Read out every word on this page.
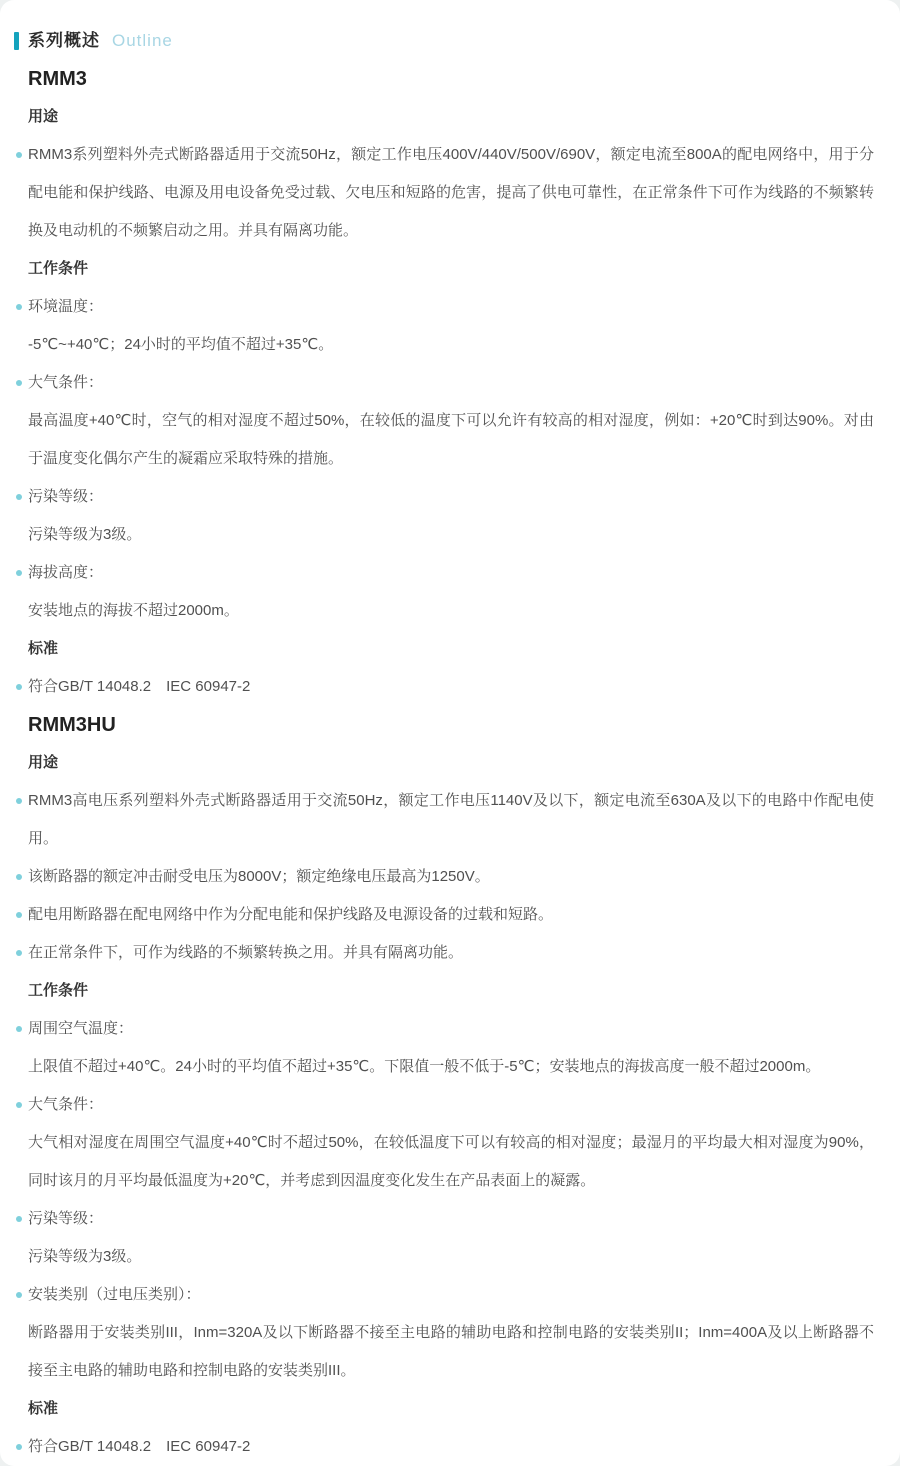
系列概述 Outline
RMM3
用途

RMM3系列塑料外壳式断路器适用于交流50Hz，额定工作电压400V/440V/500V/690V，额定电流至800A的配电网络中，用于分配电能和保护线路、电源及用电设备免受过载、欠电压和短路的危害，提高了供电可靠性，在正常条件下可作为线路的不频繁转换及电动机的不频繁启动之用。并具有隔离功能。

工作条件

环境温度：

-5℃~+40℃；24小时的平均值不超过+35℃。

大气条件：

最高温度+40℃时，空气的相对湿度不超过50%，在较低的温度下可以允许有较高的相对湿度，例如：+20℃时到达90%。对由于温度变化偶尔产生的凝霜应采取特殊的措施。

污染等级：

污染等级为3级。

海拔高度：

安装地点的海拔不超过2000m。

标准

符合GB/T 14048.2　IEC 60947-2

RMM3HU
用途

RMM3高电压系列塑料外壳式断路器适用于交流50Hz，额定工作电压1140V及以下，额定电流至630A及以下的电路中作配电使用。

该断路器的额定冲击耐受电压为8000V；额定绝缘电压最高为1250V。

配电用断路器在配电网络中作为分配电能和保护线路及电源设备的过载和短路。

在正常条件下，可作为线路的不频繁转换之用。并具有隔离功能。

工作条件

周围空气温度：

上限值不超过+40℃。24小时的平均值不超过+35℃。下限值一般不低于-5℃；安装地点的海拔高度一般不超过2000m。

大气条件：

大气相对湿度在周围空气温度+40℃时不超过50%，在较低温度下可以有较高的相对湿度；最湿月的平均最大相对湿度为90%，同时该月的月平均最低温度为+20℃，并考虑到因温度变化发生在产品表面上的凝露。

污染等级：

污染等级为3级。

安装类别（过电压类别）：

断路器用于安装类别III，Inm=320A及以下断路器不接至主电路的辅助电路和控制电路的安装类别II；Inm=400A及以上断路器不接至主电路的辅助电路和控制电路的安装类别III。

标准

符合GB/T 14048.2　IEC 60947-2
